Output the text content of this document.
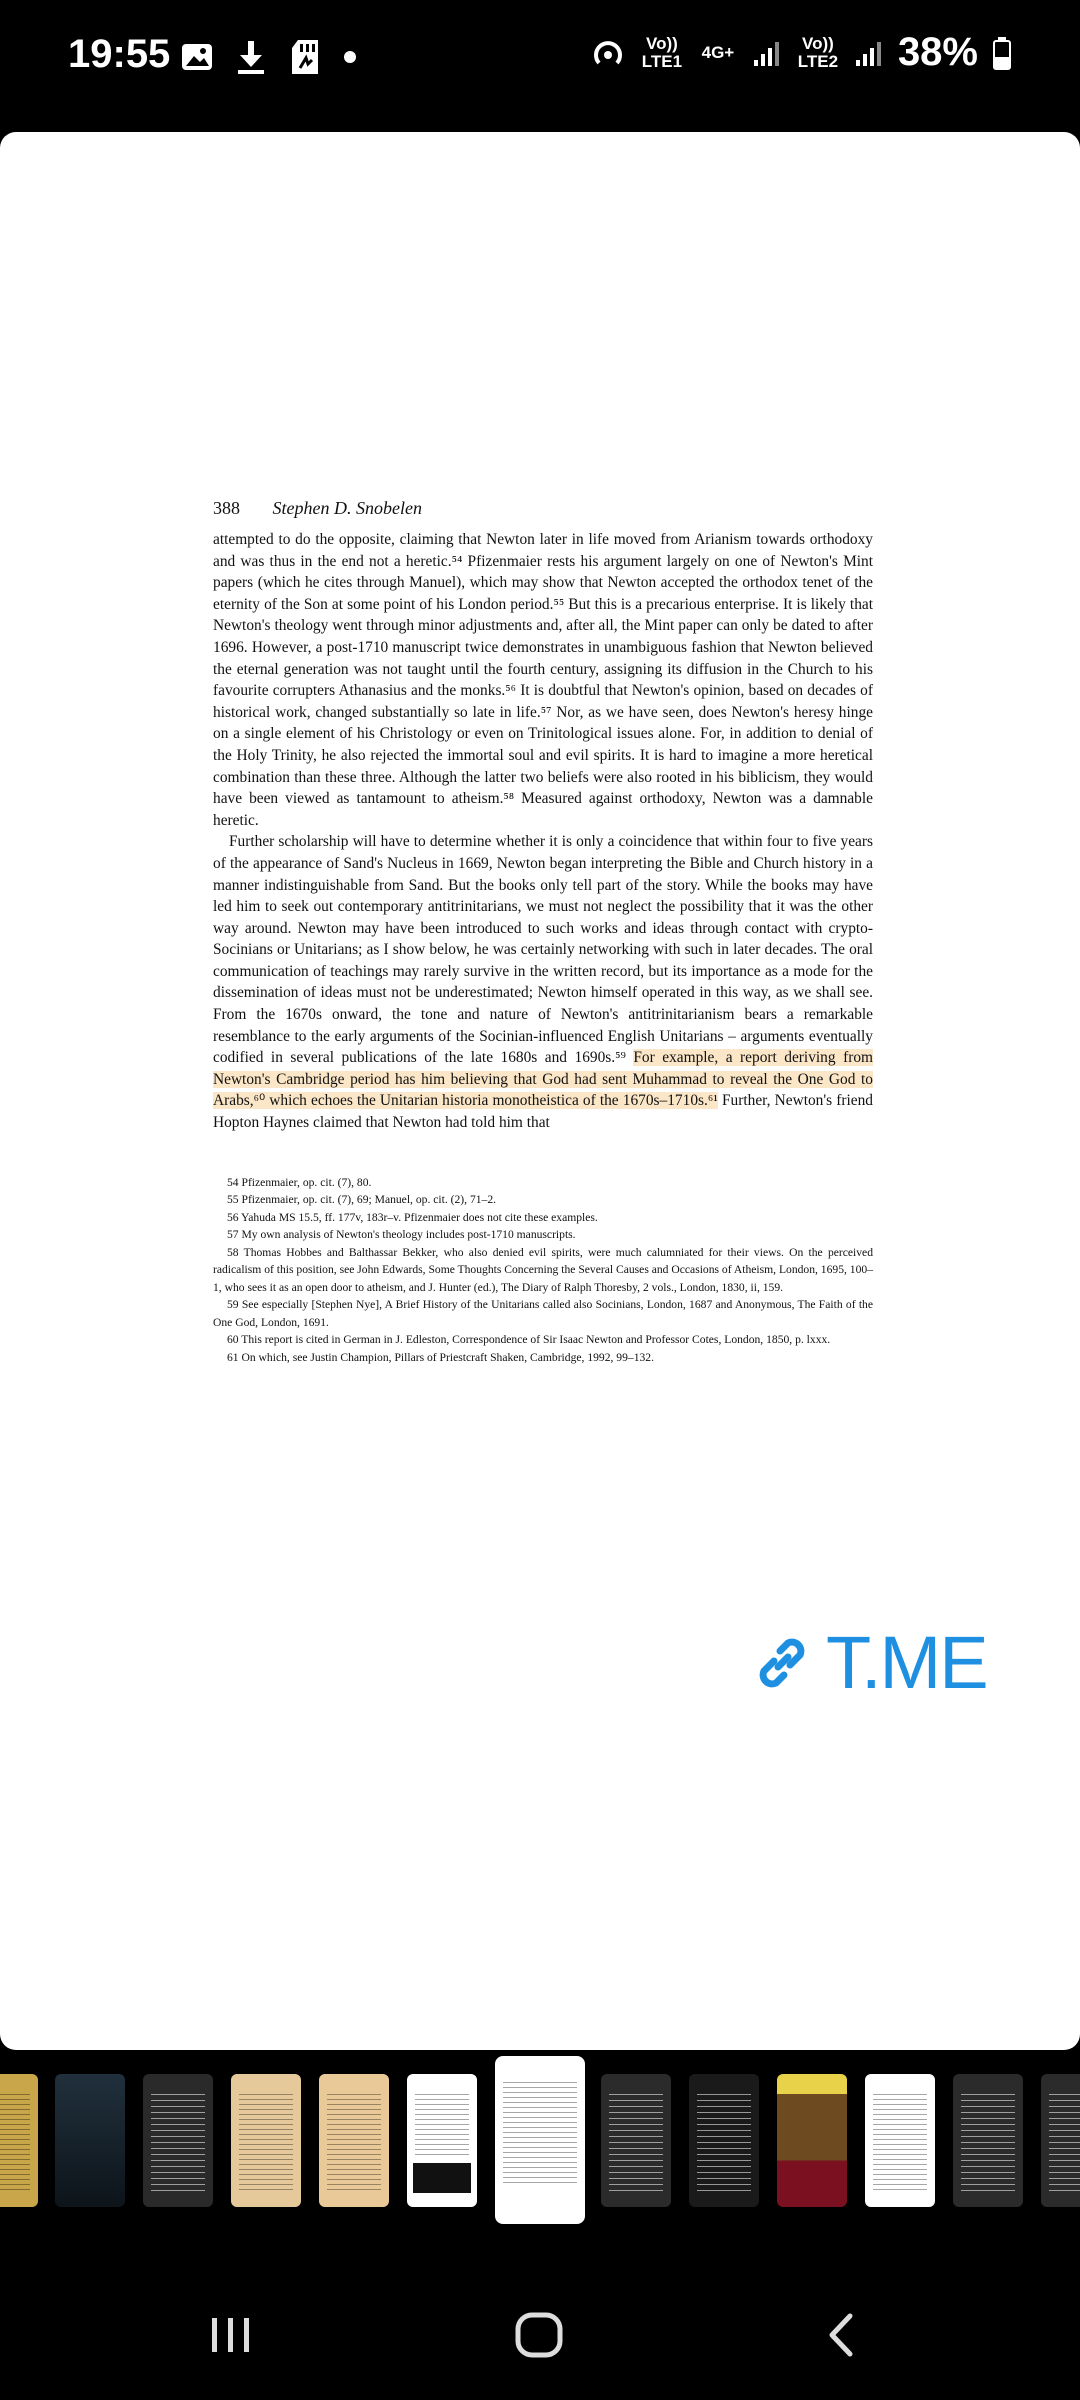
19:55	Vo)) LTE1 4G+	Vo)) LTE2 38%
388 Stephen D. Snobelen

attempted to do the opposite, claiming that Newton later in life moved from Arianism towards orthodoxy and was thus in the end not a heretic.⁵⁴ Pfizenmaier rests his argument largely on one of Newton's Mint papers (which he cites through Manuel), which may show that Newton accepted the orthodox tenet of the eternity of the Son at some point of his London period.⁵⁵ But this is a precarious enterprise. It is likely that Newton's theology went through minor adjustments and, after all, the Mint paper can only be dated to after 1696. However, a post-1710 manuscript twice demonstrates in unambiguous fashion that Newton believed the eternal generation was not taught until the fourth century, assigning its diffusion in the Church to his favourite corrupters Athanasius and the monks.⁵⁶ It is doubtful that Newton's opinion, based on decades of historical work, changed substantially so late in life.⁵⁷ Nor, as we have seen, does Newton's heresy hinge on a single element of his Christology or even on Trinitological issues alone. For, in addition to denial of the Holy Trinity, he also rejected the immortal soul and evil spirits. It is hard to imagine a more heretical combination than these three. Although the latter two beliefs were also rooted in his biblicism, they would have been viewed as tantamount to atheism.⁵⁸ Measured against orthodoxy, Newton was a damnable heretic.

Further scholarship will have to determine whether it is only a coincidence that within four to five years of the appearance of Sand's Nucleus in 1669, Newton began interpreting the Bible and Church history in a manner indistinguishable from Sand. But the books only tell part of the story. While the books may have led him to seek out contemporary antitrinitarians, we must not neglect the possibility that it was the other way around. Newton may have been introduced to such works and ideas through contact with crypto-Socinians or Unitarians; as I show below, he was certainly networking with such in later decades. The oral communication of teachings may rarely survive in the written record, but its importance as a mode for the dissemination of ideas must not be underestimated; Newton himself operated in this way, as we shall see. From the 1670s onward, the tone and nature of Newton's antitrinitarianism bears a remarkable resemblance to the early arguments of the Socinian-influenced English Unitarians – arguments eventually codified in several publications of the late 1680s and 1690s.⁵⁹ For example, a report deriving from Newton's Cambridge period has him believing that God had sent Muhammad to reveal the One God to Arabs,⁶⁰ which echoes the Unitarian historia monotheistica of the 1670s–1710s.⁶¹ Further, Newton's friend Hopton Haynes claimed that Newton had told him that

54 Pfizenmaier, op. cit. (7), 80.
55 Pfizenmaier, op. cit. (7), 69; Manuel, op. cit. (2), 71–2.
56 Yahuda MS 15.5, ff. 177v, 183r–v. Pfizenmaier does not cite these examples.
57 My own analysis of Newton's theology includes post-1710 manuscripts.
58 Thomas Hobbes and Balthassar Bekker, who also denied evil spirits, were much calumniated for their views. On the perceived radicalism of this position, see John Edwards, Some Thoughts Concerning the Several Causes and Occasions of Atheism, London, 1695, 100–1, who sees it as an open door to atheism, and J. Hunter (ed.), The Diary of Ralph Thoresby, 2 vols., London, 1830, ii, 159.
59 See especially [Stephen Nye], A Brief History of the Unitarians called also Socinians, London, 1687 and Anonymous, The Faith of the One God, London, 1691.
60 This report is cited in German in J. Edleston, Correspondence of Sir Isaac Newton and Professor Cotes, London, 1850, p. lxxx.
61 On which, see Justin Champion, Pillars of Priestcraft Shaken, Cambridge, 1992, 99–132.
T.ME
